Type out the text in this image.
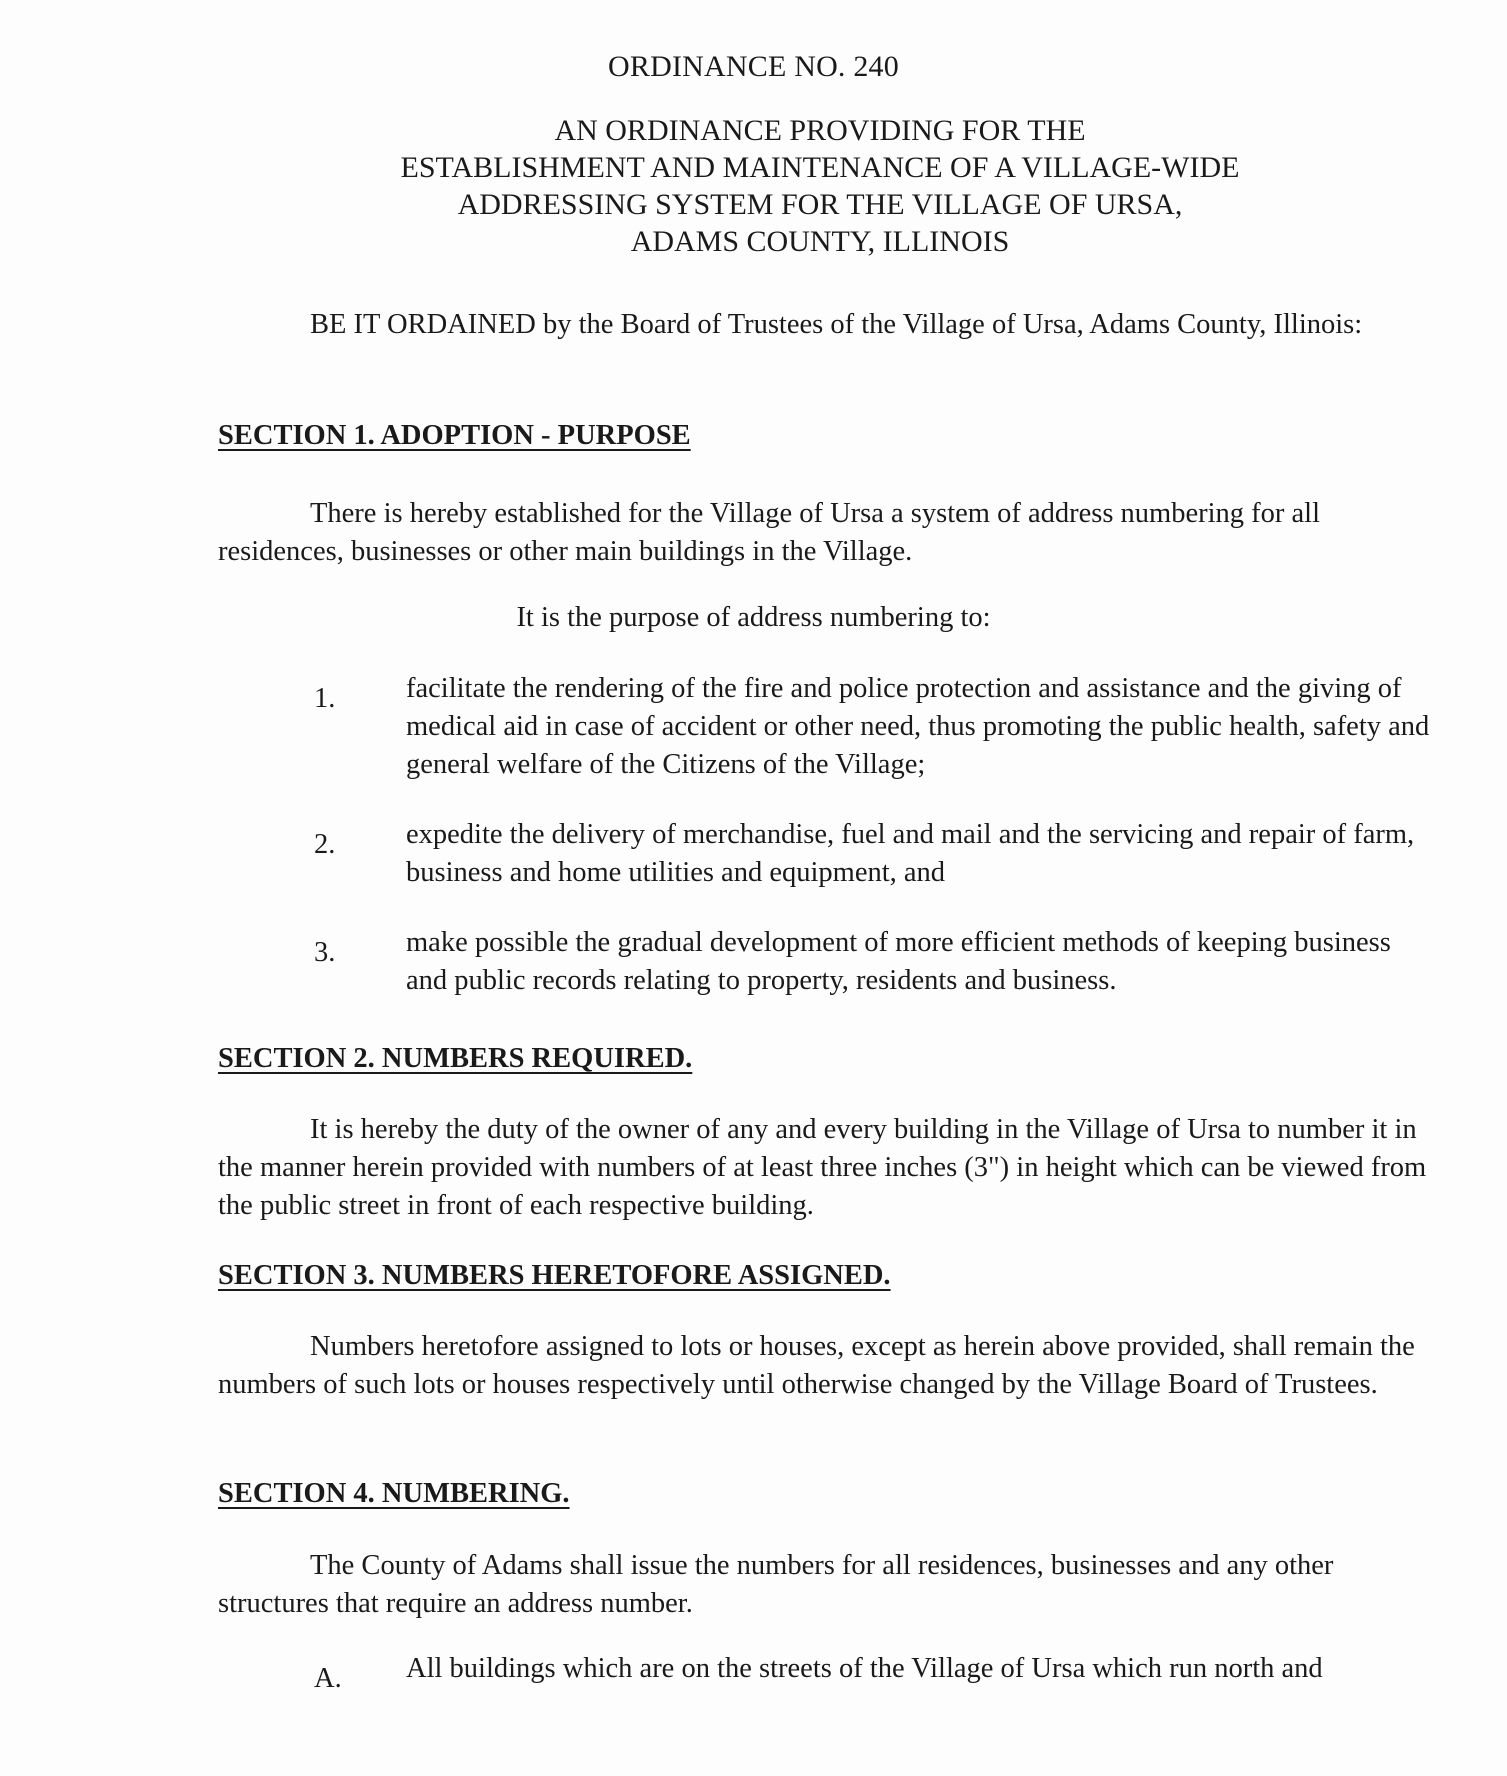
ORDINANCE NO. 240
AN ORDINANCE PROVIDING FOR THE
ESTABLISHMENT AND MAINTENANCE OF A VILLAGE-WIDE
ADDRESSING SYSTEM FOR THE VILLAGE OF URSA,
ADAMS COUNTY, ILLINOIS
BE IT ORDAINED by the Board of Trustees of the Village of Ursa, Adams County, Illinois:
SECTION 1. ADOPTION - PURPOSE
There is hereby established for the Village of Ursa a system of address numbering for all residences, businesses or other main buildings in the Village.
It is the purpose of address numbering to:
1. facilitate the rendering of the fire and police protection and assistance and the giving of medical aid in case of accident or other need, thus promoting the public health, safety and general welfare of the Citizens of the Village;
2. expedite the delivery of merchandise, fuel and mail and the servicing and repair of farm, business and home utilities and equipment, and
3. make possible the gradual development of more efficient methods of keeping business and public records relating to property, residents and business.
SECTION 2. NUMBERS REQUIRED.
It is hereby the duty of the owner of any and every building in the Village of Ursa to number it in the manner herein provided with numbers of at least three inches (3") in height which can be viewed from the public street in front of each respective building.
SECTION 3. NUMBERS HERETOFORE ASSIGNED.
Numbers heretofore assigned to lots or houses, except as herein above provided, shall remain the numbers of such lots or houses respectively until otherwise changed by the Village Board of Trustees.
SECTION 4. NUMBERING.
The County of Adams shall issue the numbers for all residences, businesses and any other structures that require an address number.
A. All buildings which are on the streets of the Village of Ursa which run north and
